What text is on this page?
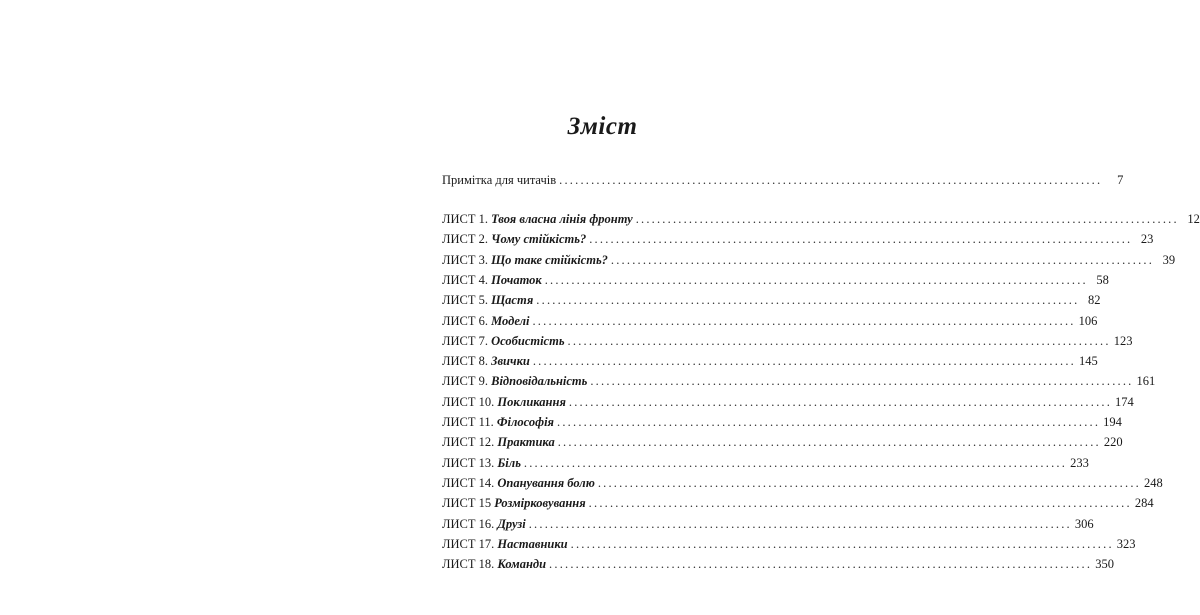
Зміст
Примітка для читачів ......................................................................................................	7
ЛИСТ 1. Твоя власна лінія фронту ...................................................................................................... 12
ЛИСТ 2. Чому стійкість? ...................................................................................................... 23
ЛИСТ 3. Що таке стійкість? ...................................................................................................... 39
ЛИСТ 4. Початок ...................................................................................................... 58
ЛИСТ 5. Щастя ...................................................................................................... 82
ЛИСТ 6. Моделі ...................................................................................................... 106
ЛИСТ 7. Особистість ...................................................................................................... 123
ЛИСТ 8. Звички ...................................................................................................... 145
ЛИСТ 9. Відповідальність ...................................................................................................... 161
ЛИСТ 10. Покликання ...................................................................................................... 174
ЛИСТ 11. Філософія ...................................................................................................... 194
ЛИСТ 12. Практика ...................................................................................................... 220
ЛИСТ 13. Біль ...................................................................................................... 233
ЛИСТ 14. Опанування болю ...................................................................................................... 248
ЛИСТ 15 Розмірковування ...................................................................................................... 284
ЛИСТ 16. Друзі ...................................................................................................... 306
ЛИСТ 17. Наставники ...................................................................................................... 323
ЛИСТ 18. Команди ...................................................................................................... 350
